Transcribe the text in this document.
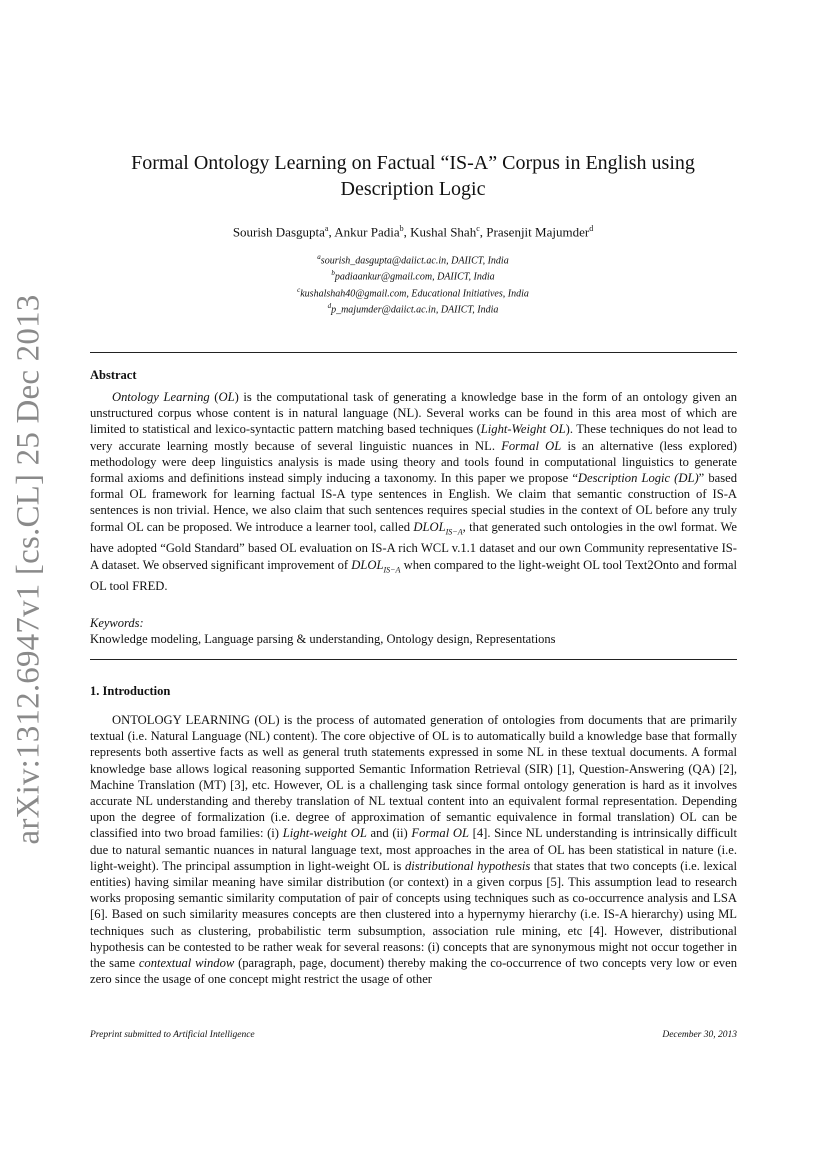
arXiv:1312.6947v1 [cs.CL] 25 Dec 2013
Formal Ontology Learning on Factual “IS-A” Corpus in English using
Description Logic
Sourish Dasgupta$^a$, Ankur Padia$^b$, Kushal Shah$^c$, Prasenjit Majumder$^d$
$^a$sourish_dasgupta@daiict.ac.in, DAIICT, India
$^b$padiaankur@gmail.com, DAIICT, India
$^c$kushalshah40@gmail.com, Educational Initiatives, India
$^d$p_majumder@daiict.ac.in, DAIICT, India
Abstract

Ontology Learning (OL) is the computational task of generating a knowledge base in the form of an ontology given an unstructured corpus whose content is in natural language (NL). Several works can be found in this area most of which are limited to statistical and lexico-syntactic pattern matching based techniques (Light-Weight OL). These techniques do not lead to very accurate learning mostly because of several linguistic nuances in NL. Formal OL is an alternative (less explored) methodology were deep linguistics analysis is made using theory and tools found in computational linguistics to generate formal axioms and definitions instead simply inducing a taxonomy. In this paper we propose “Description Logic (DL)” based formal OL framework for learning factual IS-A type sentences in English. We claim that semantic construction of IS-A sentences is non trivial. Hence, we also claim that such sentences requires special studies in the context of OL before any truly formal OL can be proposed. We introduce a learner tool, called $DLOL_{IS-A}$, that generated such ontologies in the owl format. We have adopted “Gold Standard” based OL evaluation on IS-A rich WCL v.1.1 dataset and our own Community representative IS-A dataset. We observed significant improvement of $DLOL_{IS-A}$ when compared to the light-weight OL tool Text2Onto and formal OL tool FRED.

Keywords:
Knowledge modeling, Language parsing & understanding, Ontology design, Representations
1. Introduction

ONTOLOGY LEARNING (OL) is the process of automated generation of ontologies from documents that are primarily textual (i.e. Natural Language (NL) content). The core objective of OL is to automatically build a knowledge base that formally represents both assertive facts as well as general truth statements expressed in some NL in these textual documents. A formal knowledge base allows logical reasoning supported Semantic Information Retrieval (SIR) [1], Question-Answering (QA) [2], Machine Translation (MT) [3], etc. However, OL is a challenging task since formal ontology generation is hard as it involves accurate NL understanding and thereby translation of NL textual content into an equivalent formal representation. Depending upon the degree of formalization (i.e. degree of approximation of semantic equivalence in formal translation) OL can be classified into two broad families: (i) Light-weight OL and (ii) Formal OL [4]. Since NL understanding is intrinsically difficult due to natural semantic nuances in natural language text, most approaches in the area of OL has been statistical in nature (i.e. light-weight). The principal assumption in light-weight OL is distributional hypothesis that states that two concepts (i.e. lexical entities) having similar meaning have similar distribution (or context) in a given corpus [5]. This assumption lead to research works proposing semantic similarity computation of pair of concepts using techniques such as co-occurrence analysis and LSA [6]. Based on such similarity measures concepts are then clustered into a hypernymy hierarchy (i.e. IS-A hierarchy) using ML techniques such as clustering, probabilistic term subsumption, association rule mining, etc [4]. However, distributional hypothesis can be contested to be rather weak for several reasons: (i) concepts that are synonymous might not occur together in the same contextual window (paragraph, page, document) thereby making the co-occurrence of two concepts very low or even zero since the usage of one concept might restrict the usage of other

Preprint submitted to Artificial Intelligence	December 30, 2013
